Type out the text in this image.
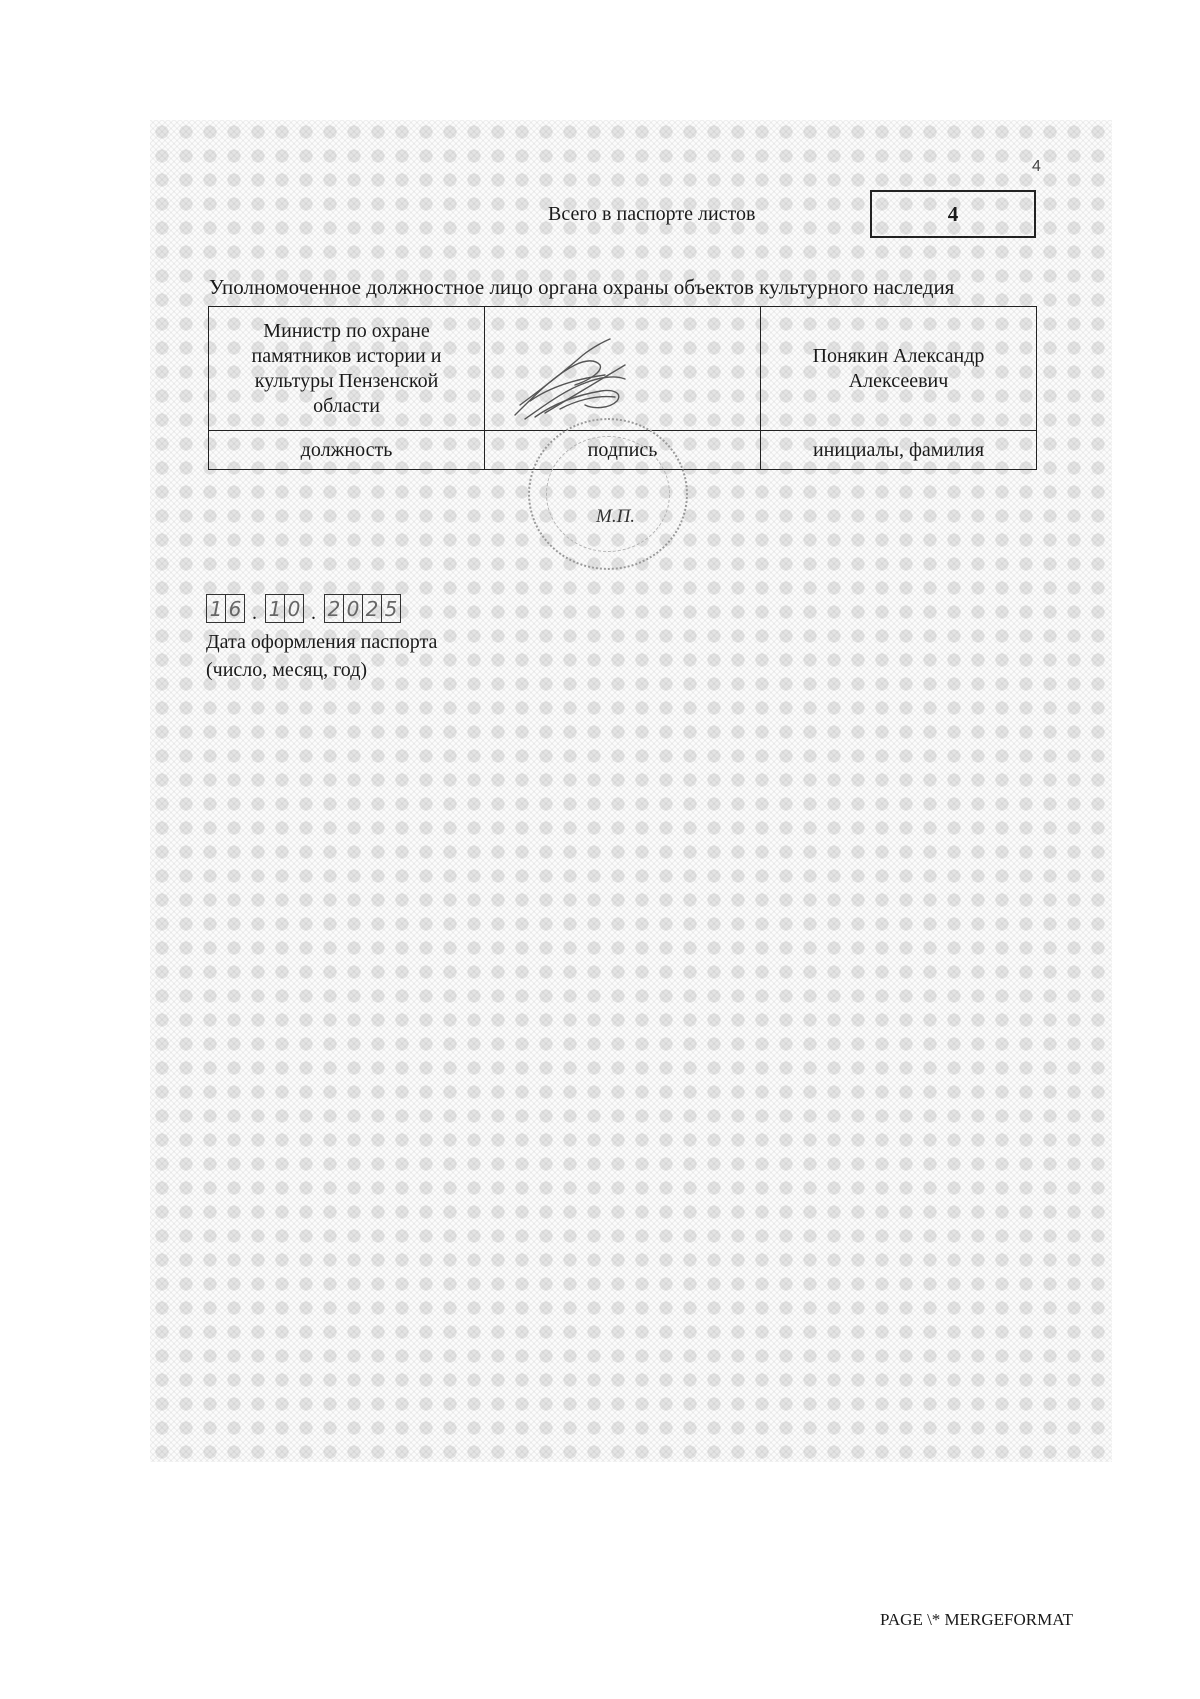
4
Всего в паспорте листов	4
Уполномоченное должностное лицо органа охраны объектов культурного наследия
Министр по охране памятников истории и культуры Пензенской области		Понякин Александр Алексеевич
должность	подпись	инициалы, фамилия
М.П.
1 6 . 1 0 . 2 0 2 5
Дата оформления паспорта
(число, месяц, год)
PAGE \* MERGEFORMAT
